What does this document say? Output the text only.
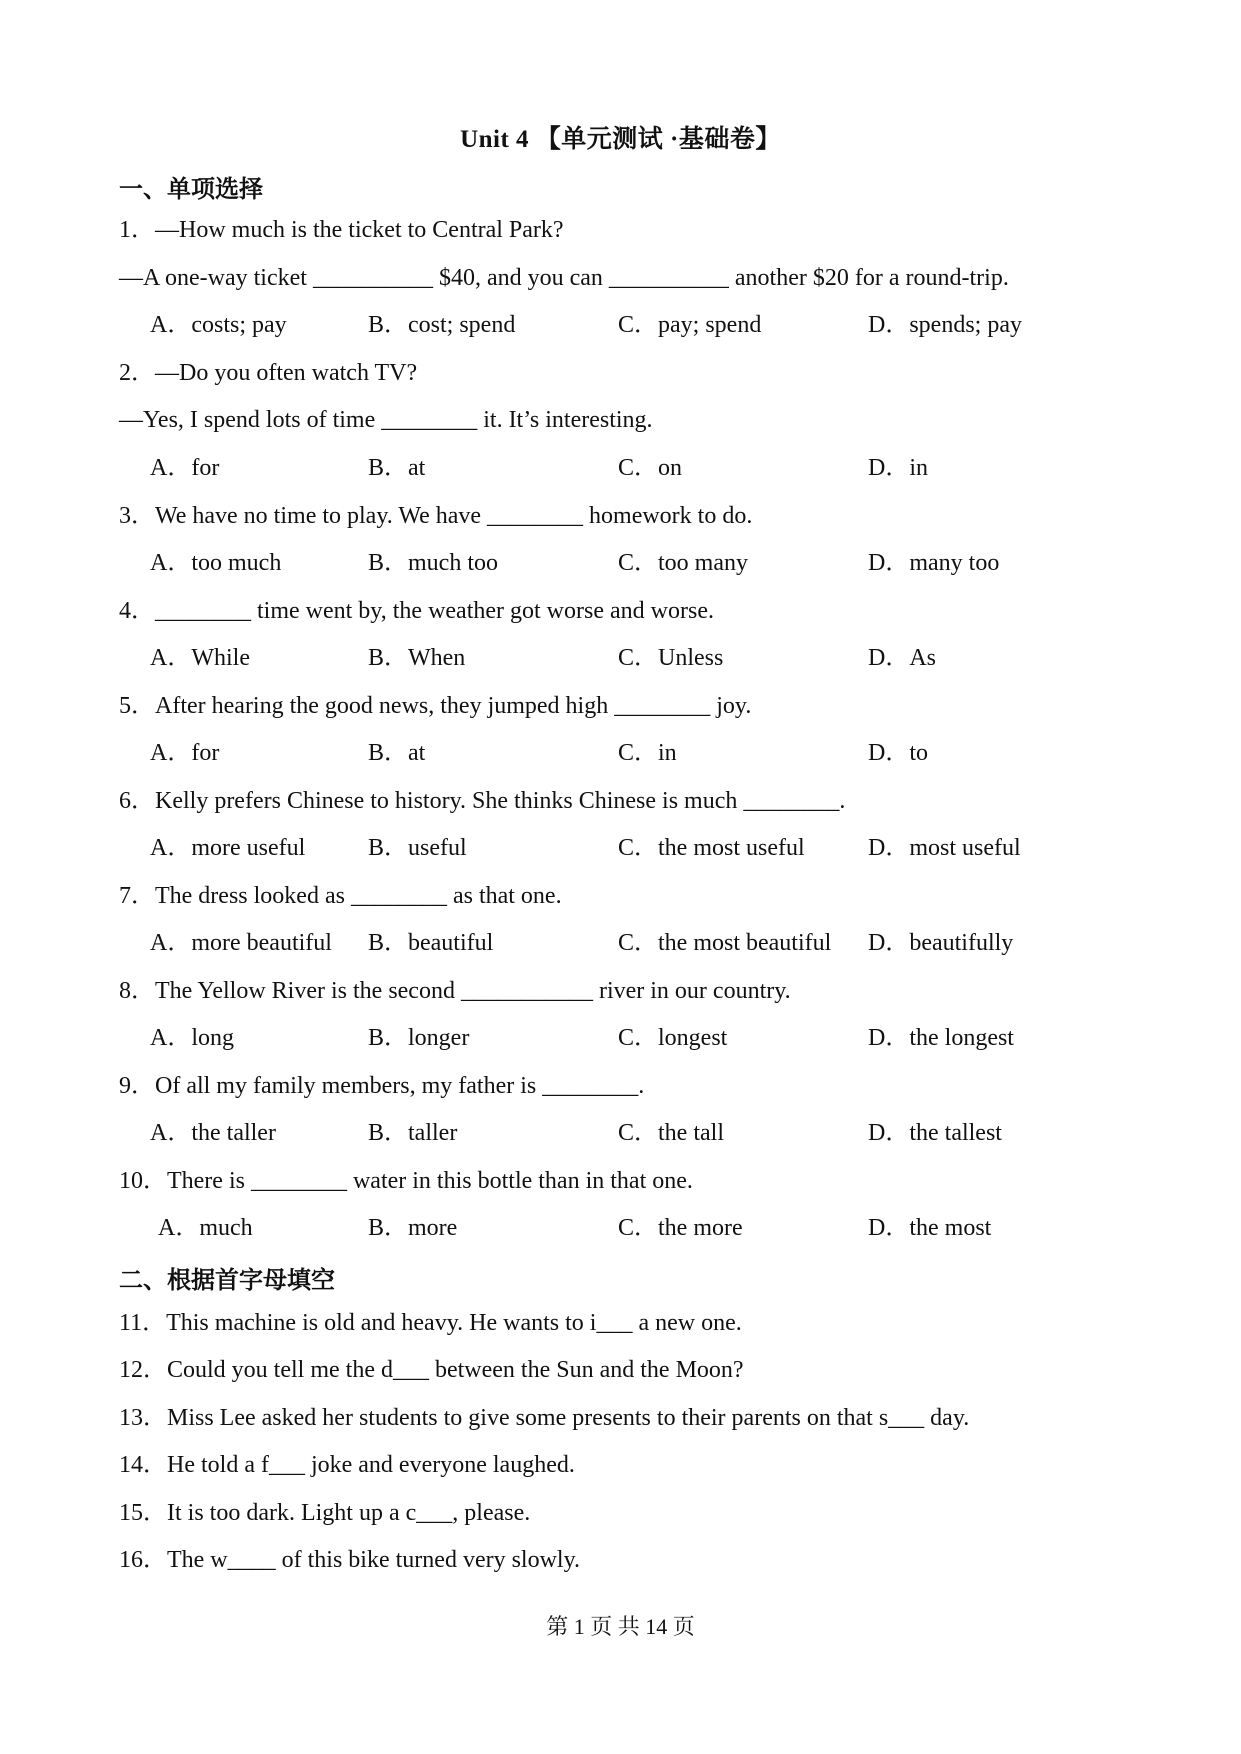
Unit 4 【单元测试 ·基础卷】
一、单项选择
1．—How much is the ticket to Central Park?
—A one-way ticket __________ $40, and you can __________ another $20 for a round-trip.
A．costs; pay	B．cost; spend	C．pay; spend	D．spends; pay
2．—Do you often watch TV?
—Yes, I spend lots of time ________ it. It’s interesting.
A．for	B．at	C．on	D．in
3．We have no time to play. We have ________ homework to do.
A．too much	B．much too	C．too many	D．many too
4．________ time went by, the weather got worse and worse.
A．While	B．When	C．Unless	D．As
5．After hearing the good news, they jumped high ________ joy.
A．for	B．at	C．in	D．to
6．Kelly prefers Chinese to history. She thinks Chinese is much ________.
A．more useful	B．useful	C．the most useful	D．most useful
7．The dress looked as ________ as that one.
A．more beautiful B．beautiful	C．the most beautiful D．beautifully
8．The Yellow River is the second ___________ river in our country.
A．long	B．longer	C．longest	D．the longest
9．Of all my family members, my father is ________.
A．the taller	B．taller	C．the tall	D．the tallest
10．There is ________ water in this bottle than in that one.
A．much	B．more	C．the more	D．the most
二、根据首字母填空
11．This machine is old and heavy. He wants to i___ a new one.
12．Could you tell me the d___ between the Sun and the Moon?
13．Miss Lee asked her students to give some presents to their parents on that s___ day.
14．He told a f___ joke and everyone laughed.
15．It is too dark. Light up a c___, please.
16．The w____ of this bike turned very slowly.
第 1 页 共 14 页
